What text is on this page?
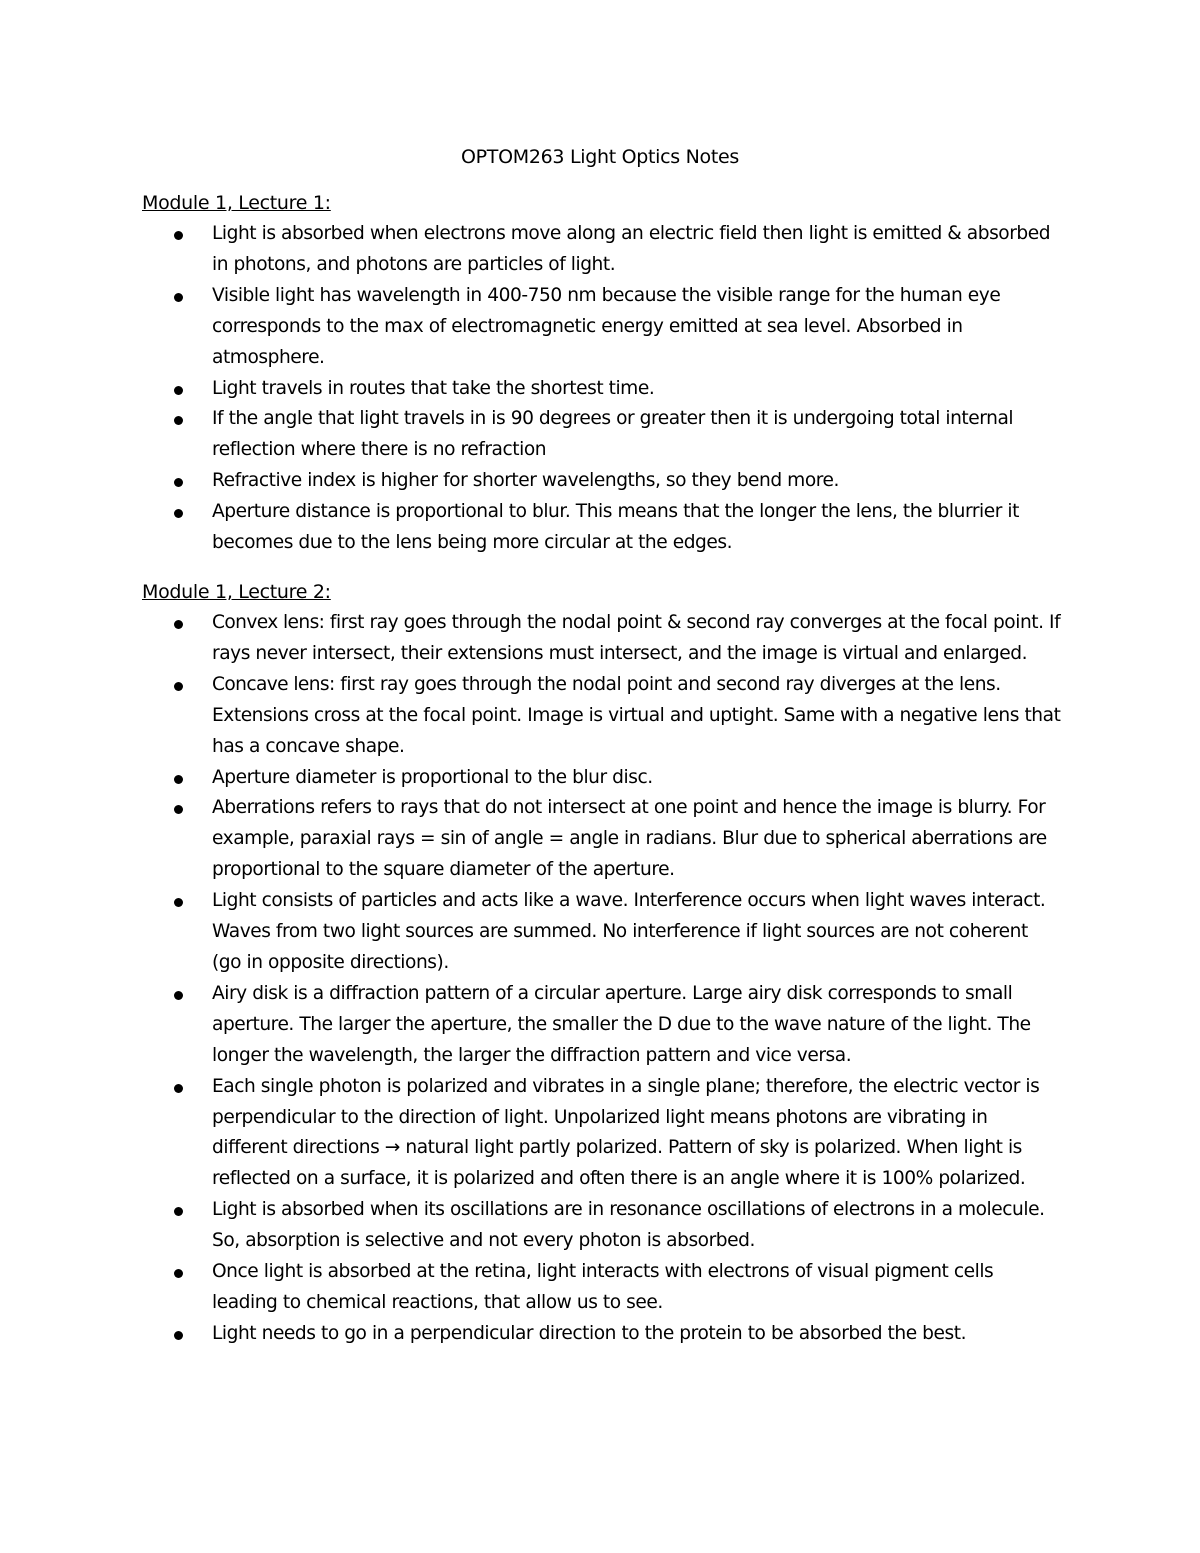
OPTOM263 Light Optics Notes
Module 1, Lecture 1:
Light is absorbed when electrons move along an electric field then light is emitted & absorbed in photons, and photons are particles of light.
Visible light has wavelength in 400-750 nm because the visible range for the human eye corresponds to the max of electromagnetic energy emitted at sea level. Absorbed in atmosphere.
Light travels in routes that take the shortest time.
If the angle that light travels in is 90 degrees or greater then it is undergoing total internal reflection where there is no refraction
Refractive index is higher for shorter wavelengths, so they bend more.
Aperture distance is proportional to blur. This means that the longer the lens, the blurrier it becomes due to the lens being more circular at the edges.
Module 1, Lecture 2:
Convex lens: first ray goes through the nodal point & second ray converges at the focal point. If rays never intersect, their extensions must intersect, and the image is virtual and enlarged.
Concave lens: first ray goes through the nodal point and second ray diverges at the lens. Extensions cross at the focal point. Image is virtual and uptight. Same with a negative lens that has a concave shape.
Aperture diameter is proportional to the blur disc.
Aberrations refers to rays that do not intersect at one point and hence the image is blurry. For example, paraxial rays = sin of angle = angle in radians. Blur due to spherical aberrations are proportional to the square diameter of the aperture.
Light consists of particles and acts like a wave. Interference occurs when light waves interact. Waves from two light sources are summed. No interference if light sources are not coherent (go in opposite directions).
Airy disk is a diffraction pattern of a circular aperture. Large airy disk corresponds to small aperture. The larger the aperture, the smaller the D due to the wave nature of the light. The longer the wavelength, the larger the diffraction pattern and vice versa.
Each single photon is polarized and vibrates in a single plane; therefore, the electric vector is perpendicular to the direction of light. Unpolarized light means photons are vibrating in different directions → natural light partly polarized. Pattern of sky is polarized. When light is reflected on a surface, it is polarized and often there is an angle where it is 100% polarized.
Light is absorbed when its oscillations are in resonance oscillations of electrons in a molecule. So, absorption is selective and not every photon is absorbed.
Once light is absorbed at the retina, light interacts with electrons of visual pigment cells leading to chemical reactions, that allow us to see.
Light needs to go in a perpendicular direction to the protein to be absorbed the best.
